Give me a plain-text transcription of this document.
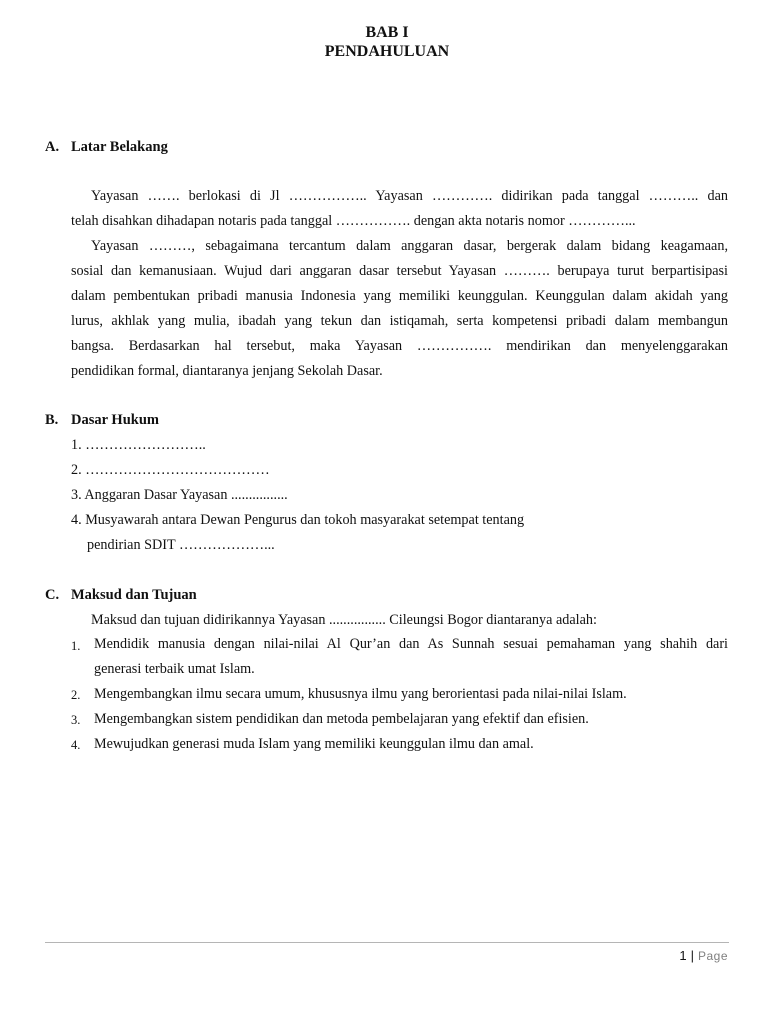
BAB I
PENDAHULUAN
A. Latar Belakang

Yayasan ……. berlokasi di Jl …………….. Yayasan …………. didirikan pada tanggal ……….. dan

telah disahkan dihadapan notaris pada tanggal ……………. dengan akta notaris nomor …………...

Yayasan ………, sebagaimana tercantum dalam anggaran dasar, bergerak dalam bidang keagamaan,

sosial dan kemanusiaan. Wujud dari anggaran dasar tersebut Yayasan ………. berupaya turut berpartisipasi

dalam pembentukan pribadi manusia Indonesia yang memiliki keunggulan. Keunggulan dalam akidah yang

lurus, akhlak yang mulia, ibadah yang tekun dan istiqamah, serta kompetensi pribadi dalam membangun

bangsa. Berdasarkan hal tersebut, maka Yayasan ……………. mendirikan dan menyelenggarakan

pendidikan formal, diantaranya jenjang Sekolah Dasar.

B. Dasar Hukum
1. ……………………..
2. …………………………………
3. Anggaran Dasar Yayasan ................
4. Musyawarah antara Dewan Pengurus dan tokoh masyarakat setempat tentang
pendirian SDIT ………………...
C. Maksud dan Tujuan
Maksud dan tujuan didirikannya Yayasan ................ Cileungsi Bogor diantaranya adalah:
1. Mendidik manusia dengan nilai-nilai Al Qur’an dan As Sunnah sesuai pemahaman yang shahih dari

generasi terbaik umat Islam.

2. Mengembangkan ilmu secara umum, khususnya ilmu yang berorientasi pada nilai-nilai Islam.

3. Mengembangkan sistem pendidikan dan metoda pembelajaran yang efektif dan efisien.

4. Mewujudkan generasi muda Islam yang memiliki keunggulan ilmu dan amal.

1 | Page
